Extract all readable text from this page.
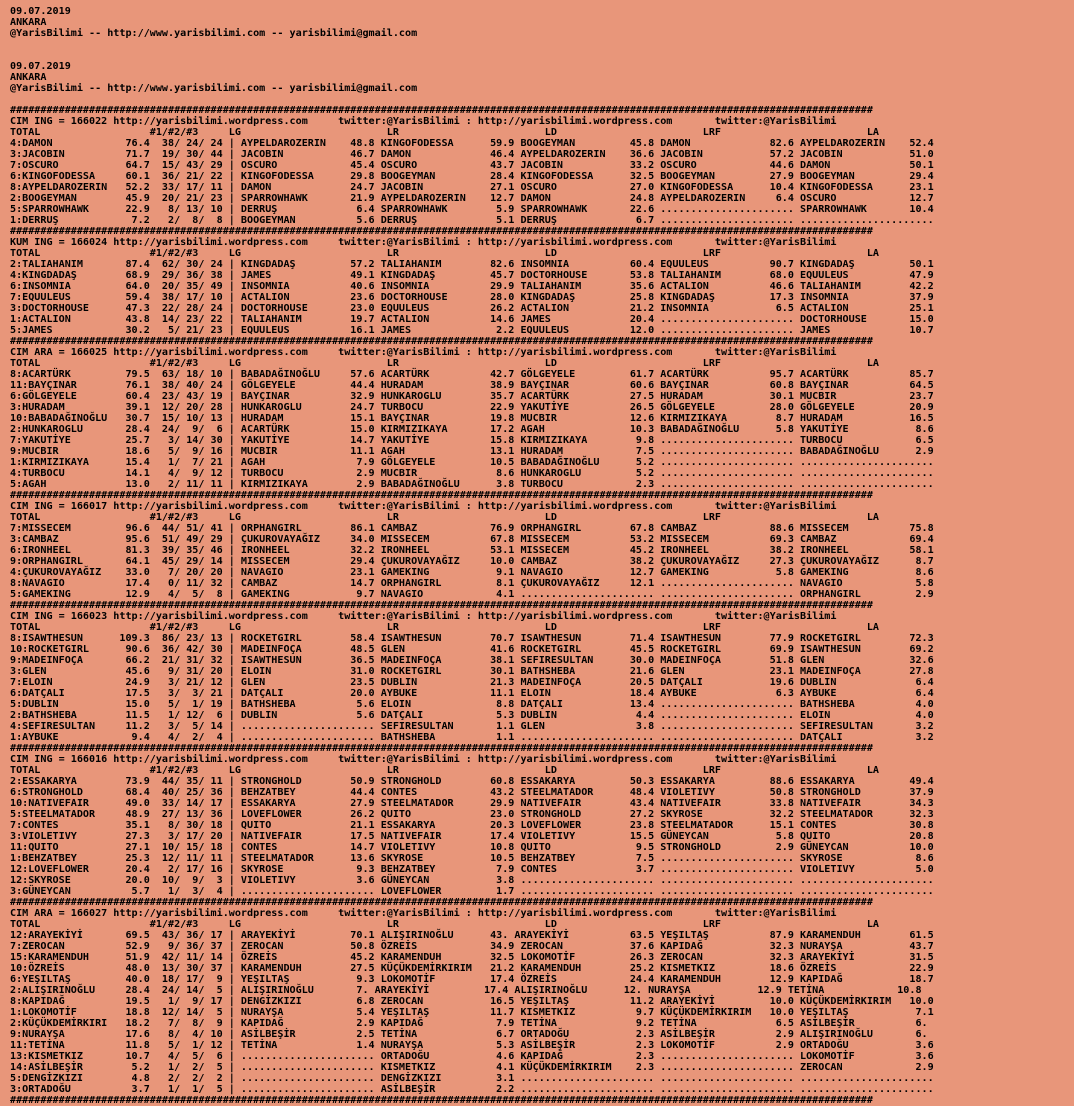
09.07.2019
ANKARA
@YarisBilimi -- http://www.yarisbilimi.com -- yarisbilimi@gmail.com

09.07.2019
ANKARA
@YarisBilimi -- http://www.yarisbilimi.com -- yarisbilimi@gmail.com

##############################################################################################################################################
CIM ING = 166022 http://yarisbilimi.wordpress.com     twitter:@YarisBilimi : http://yarisbilimi.wordpress.com       twitter:@YarisBilimi
TOTAL                  #1/#2/#3     LG                        LR                        LD                        LRF                        LA
4:DAMON            76.4  38/ 24/ 24 | AYPELDAROZERIN    48.8 KINGOFODESSA      59.9 BOOGEYMAN         45.8 DAMON             82.6 AYPELDAROZERIN    52.4
3:JACOBIN          71.7  19/ 30/ 44 | JACOBIN           46.7 DAMON             46.4 AYPELDAROZERIN    36.6 JACOBIN           57.2 JACOBIN           51.0
7:OSCURO           64.7  15/ 43/ 29 | OSCURO            45.4 OSCURO            43.7 JACOBIN           33.2 OSCURO            44.6 DAMON             50.1
6:KINGOFODESSA     60.1  36/ 21/ 22 | KINGOFODESSA      29.8 BOOGEYMAN         28.4 KINGOFODESSA      32.5 BOOGEYMAN         27.9 BOOGEYMAN         29.4
8:AYPELDAROZERIN   52.2  33/ 17/ 11 | DAMON             24.7 JACOBIN           27.1 OSCURO            27.0 KINGOFODESSA      10.4 KINGOFODESSA      23.1
2:BOOGEYMAN        45.9  20/ 21/ 23 | SPARROWHAWK       21.9 AYPELDAROZERIN    12.7 DAMON             24.8 AYPELDAROZERIN     6.4 OSCURO            12.7
5:SPARROWHAWK      22.9   8/ 13/ 10 | DERRUŞ             6.4 SPARROWHAWK        5.9 SPARROWHAWK       22.6 ...................... SPARROWHAWK       10.4
1:DERRUŞ            7.2   2/  8/  8 | BOOGEYMAN          5.6 DERRUŞ             5.1 DERRUŞ             6.7 ...................... ......................
##############################################################################################################################################
KUM ING = 166024 http://yarisbilimi.wordpress.com     twitter:@YarisBilimi : http://yarisbilimi.wordpress.com       twitter:@YarisBilimi
TOTAL                  #1/#2/#3     LG                        LR                        LD                        LRF                        LA
2:TALIAHANIM       87.4  62/ 30/ 24 | KINGDADAŞ         57.2 TALIAHANIM        82.6 INSOMNIA          60.4 EQUULEUS          90.7 KINGDADAŞ         50.1
4:KINGDADAŞ        68.9  29/ 36/ 38 | JAMES             49.1 KINGDADAŞ         45.7 DOCTORHOUSE       53.8 TALIAHANIM        68.0 EQUULEUS          47.9
6:INSOMNIA         64.0  20/ 35/ 49 | INSOMNIA          40.6 INSOMNIA          29.9 TALIAHANIM        35.6 ACTALION          46.6 TALIAHANIM        42.2
7:EQUULEUS         59.4  38/ 17/ 10 | ACTALION          23.6 DOCTORHOUSE       28.0 KINGDADAŞ         25.8 KINGDADAŞ         17.3 INSOMNIA          37.9
3:DOCTORHOUSE      47.3  22/ 28/ 24 | DOCTORHOUSE       23.0 EQUULEUS          26.2 ACTALION          21.2 INSOMNIA           6.5 ACTALION          25.1
1:ACTALION         43.8  14/ 23/ 22 | TALIAHANIM        19.7 ACTALION          14.6 JAMES             20.4 ...................... DOCTORHOUSE       15.0
5:JAMES            30.2   5/ 21/ 23 | EQUULEUS          16.1 JAMES              2.2 EQUULEUS          12.0 ...................... JAMES             10.7
##############################################################################################################################################
CIM ARA = 166025 http://yarisbilimi.wordpress.com     twitter:@YarisBilimi : http://yarisbilimi.wordpress.com       twitter:@YarisBilimi
TOTAL                  #1/#2/#3     LG                        LR                        LD                        LRF                        LA
8:ACARTÜRK         79.5  63/ 18/ 10 | BABADAĞINOĞLU     57.6 ACARTÜRK          42.7 GÖLGEYELE         61.7 ACARTÜRK          95.7 ACARTÜRK          85.7
11:BAYÇINAR        76.1  38/ 40/ 24 | GÖLGEYELE         44.4 HURADAM           38.9 BAYÇINAR          60.6 BAYÇINAR          60.8 BAYÇINAR          64.5
6:GÖLGEYELE        60.4  23/ 43/ 19 | BAYÇINAR          32.9 HUNKAROGLU        35.7 ACARTÜRK          27.5 HURADAM           30.1 MUCBIR            23.7
3:HURADAM          39.1  12/ 20/ 28 | HUNKAROGLU        24.7 TURBOCU           22.9 YAKUTİYE          26.5 GÖLGEYELE         28.0 GÖLGEYELE         20.9
10:BABADAĞINOĞLU   30.7  15/ 10/ 13 | HURADAM           15.1 BAYÇINAR          19.8 MUCBIR            12.6 KIRMIZIKAYA        8.7 HURADAM           16.5
2:HUNKAROGLU       28.4  24/  9/  6 | ACARTÜRK          15.0 KIRMIZIKAYA       17.2 AGAH              10.3 BABADAĞINOĞLU      5.8 YAKUTİYE           8.6
7:YAKUTİYE         25.7   3/ 14/ 30 | YAKUTİYE          14.7 YAKUTİYE          15.8 KIRMIZIKAYA        9.8 ...................... TURBOCU            6.5
9:MUCBIR           18.6   5/  9/ 16 | MUCBIR            11.1 AGAH              13.1 HURADAM            7.5 ...................... BABADAĞINOĞLU      2.9
1:KIRMIZIKAYA      15.4   1/  7/ 21 | AGAH               7.9 GÖLGEYELE         10.5 BABADAĞINOĞLU      5.2 ...................... ......................
4:TURBOCU          14.1   4/  9/ 12 | TURBOCU            2.9 MUCBIR             8.6 HUNKAROGLU         5.2 ...................... ......................
5:AGAH             13.0   2/ 11/ 11 | KIRMIZIKAYA        2.9 BABADAĞINOĞLU      3.8 TURBOCU            2.3 ...................... ......................
##############################################################################################################################################
CIM ING = 166017 http://yarisbilimi.wordpress.com     twitter:@YarisBilimi : http://yarisbilimi.wordpress.com       twitter:@YarisBilimi
TOTAL                  #1/#2/#3     LG                        LR                        LD                        LRF                        LA
7:MISSECEM         96.6  44/ 51/ 41 | ORPHANGIRL        86.1 CAMBAZ            76.9 ORPHANGIRL        67.8 CAMBAZ            88.6 MISSECEM          75.8
3:CAMBAZ           95.6  51/ 49/ 29 | ÇUKUROVAYAĞIZ     34.0 MISSECEM          67.8 MISSECEM          53.2 MISSECEM          69.3 CAMBAZ            69.4
6:IRONHEEL         81.3  39/ 35/ 46 | IRONHEEL          32.2 IRONHEEL          53.1 MISSECEM          45.2 IRONHEEL          38.2 IRONHEEL          58.1
9:ORPHANGIRL       64.1  45/ 29/ 14 | MISSECEM          29.4 ÇUKUROVAYAĞIZ     10.0 CAMBAZ            38.2 ÇUKUROVAYAĞIZ     27.3 ÇUKUROVAYAĞIZ      8.7
4:ÇUKUROVAYAĞIZ    33.0   7/ 20/ 20 | NAVAGIO           23.1 GAMEKING           9.1 NAVAGIO           12.7 GAMEKING           5.8 GAMEKING           8.6
8:NAVAGIO          17.4   0/ 11/ 32 | CAMBAZ            14.7 ORPHANGIRL         8.1 ÇUKUROVAYAĞIZ     12.1 ...................... NAVAGIO            5.8
5:GAMEKING         12.9   4/  5/  8 | GAMEKING           9.7 NAVAGIO            4.1 ...................... ...................... ORPHANGIRL         2.9
##############################################################################################################################################
CIM ING = 166023 http://yarisbilimi.wordpress.com     twitter:@YarisBilimi : http://yarisbilimi.wordpress.com       twitter:@YarisBilimi
TOTAL                  #1/#2/#3     LG                        LR                        LD                        LRF                        LA
8:ISAWTHESUN      109.3  86/ 23/ 13 | ROCKETGIRL        58.4 ISAWTHESUN        70.7 ISAWTHESUN        71.4 ISAWTHESUN        77.9 ROCKETGIRL        72.3
10:ROCKETGIRL      90.6  36/ 42/ 30 | MADEINFOÇA        48.5 GLEN              41.6 ROCKETGIRL        45.5 ROCKETGIRL        69.9 ISAWTHESUN        69.2
9:MADEINFOÇA       66.2  21/ 31/ 32 | ISAWTHESUN        36.5 MADEINFOÇA        38.1 SEFIRESULTAN      30.0 MADEINFOÇA        51.8 GLEN              32.6
3:GLEN             45.6   9/ 31/ 20 | ELOIN             31.0 ROCKETGIRL        30.1 BATHSHEBA         21.6 GLEN              23.1 MADEINFOÇA        27.8
7:ELOIN            24.9   3/ 21/ 12 | GLEN              23.5 DUBLIN            21.3 MADEINFOÇA        20.5 DATÇALI           19.6 DUBLIN             6.4
6:DATÇALI          17.5   3/  3/ 21 | DATÇALI           20.0 AYBUKE            11.1 ELOIN             18.4 AYBUKE             6.3 AYBUKE             6.4
5:DUBLIN           15.0   5/  1/ 19 | BATHSHEBA          5.6 ELOIN              8.8 DATÇALI           13.4 ...................... BATHSHEBA          4.0
2:BATHSHEBA        11.5   1/ 12/  6 | DUBLIN             5.6 DATÇALI            5.3 DUBLIN             4.4 ...................... ELOIN              4.0
4:SEFIRESULTAN     11.2   3/  5/ 14 | ...................... SEFIRESULTAN       1.1 GLEN               3.8 ...................... SEFIRESULTAN       3.2
1:AYBUKE            9.4   4/  2/  4 | ...................... BATHSHEBA          1.1 ...................... ...................... DATÇALI            3.2
##############################################################################################################################################
CIM ING = 166016 http://yarisbilimi.wordpress.com     twitter:@YarisBilimi : http://yarisbilimi.wordpress.com       twitter:@YarisBilimi
TOTAL                  #1/#2/#3     LG                        LR                        LD                        LRF                        LA
2:ESSAKARYA        73.9  44/ 35/ 11 | STRONGHOLD        50.9 STRONGHOLD        60.8 ESSAKARYA         50.3 ESSAKARYA         88.6 ESSAKARYA         49.4
6:STRONGHOLD       68.4  40/ 25/ 36 | BEHZATBEY         44.4 CONTES            43.2 STEELMATADOR      48.4 VIOLETIVY         50.8 STRONGHOLD        37.9
10:NATIVEFAIR      49.0  33/ 14/ 17 | ESSAKARYA         27.9 STEELMATADOR      29.9 NATIVEFAIR        43.4 NATIVEFAIR        33.8 NATIVEFAIR        34.3
5:STEELMATADOR     48.9  27/ 13/ 36 | LOVEFLOWER        26.2 QUITO             23.0 STRONGHOLD        27.2 SKYROSE           32.2 STEELMATADOR      32.3
7:CONTES           35.1   8/ 30/ 18 | QUITO             21.1 ESSAKARYA         20.3 LOVEFLOWER        23.8 STEELMATADOR      15.1 CONTES            30.8
3:VIOLETIVY        27.3   3/ 17/ 20 | NATIVEFAIR        17.5 NATIVEFAIR        17.4 VIOLETIVY         15.5 GÜNEYCAN           5.8 QUITO             20.8
11:QUITO           27.1  10/ 15/ 18 | CONTES            14.7 VIOLETIVY         10.8 QUITO              9.5 STRONGHOLD         2.9 GÜNEYCAN          10.0
1:BEHZATBEY        25.3  12/ 11/ 11 | STEELMATADOR      13.6 SKYROSE           10.5 BEHZATBEY          7.5 ...................... SKYROSE            8.6
12:LOVEFLOWER      20.4   2/ 17/ 16 | SKYROSE            9.3 BEHZATBEY          7.9 CONTES             3.7 ...................... VIOLETIVY          5.0
12:SKYROSE         20.0  10/  9/  3 | VIOLETIVY          3.6 GÜNEYCAN           3.8 ...................... ...................... ......................
3:GÜNEYCAN          5.7   1/  3/  4 | ...................... LOVEFLOWER         1.7 ...................... ...................... ......................
##############################################################################################################################################
CIM ARA = 166027 http://yarisbilimi.wordpress.com     twitter:@YarisBilimi : http://yarisbilimi.wordpress.com       twitter:@YarisBilimi
TOTAL                  #1/#2/#3     LG                        LR                        LD                        LRF                        LA
12:ARAYEKİYİ       69.5  43/ 36/ 17 | ARAYEKİYİ         70.1 ALIŞIRINOĞLU      43. ARAYEKİYİ          63.5 YEŞILTAŞ          87.9 KARAMENDUH        61.5
7:ZEROCAN          52.9   9/ 36/ 37 | ZEROCAN           50.8 ÖZREİS            34.9 ZEROCAN           37.6 KAPIDAĞ           32.3 NURAYŞA           43.7
15:KARAMENDUH      51.9  42/ 11/ 14 | ÖZREİS            45.2 KARAMENDUH        32.5 LOKOMOTİF         26.3 ZEROCAN           32.3 ARAYEKİYİ         31.5
10:ÖZREİS          48.0  13/ 30/ 37 | KARAMENDUH        27.5 KÜÇÜKDEMİRKIRIM   21.2 KARAMENDUH        25.2 KISMETKIZ         18.6 ÖZREİS            22.9
6:YEŞILTAŞ         40.0  18/ 17/  9 | YEŞILTAŞ           9.3 LOKOMOTİF         17.4 ÖZREİS            24.4 KARAMENDUH        12.9 KAPIDAĞ           18.7
2:ALIŞIRINOĞLU     28.4  24/ 14/  5 | ALIŞIRINOĞLU       7. ARAYEKİYİ         17.4 ALIŞIRINOĞLU      12. NURAYŞA           12.9 TETİNA            10.8
8:KAPIDAĞ          19.5   1/  9/ 17 | DENGİZKIZI         6.8 ZEROCAN           16.5 YEŞILTAŞ          11.2 ARAYEKİYİ         10.0 KÜÇÜKDEMİRKIRIM   10.0
1:LOKOMOTİF        18.8  12/ 14/  5 | NURAYŞA            5.4 YEŞILTAŞ          11.7 KISMETKIZ          9.7 KÜÇÜKDEMİRKIRIM   10.0 YEŞILTAŞ           7.1
2:KÜÇÜKDEMİRKIRI   18.2   7/  8/  9 | KAPIDAĞ            2.9 KAPIDAĞ            7.9 TETİNA             9.2 TETİNA             6.5 ASİLBEŞİR          6.
9:NURAYŞA          17.6   8/  4/ 10 | ASİLBEŞİR          2.5 TETİNA             6.7 ORTADOĞU           2.3 ASİLBEŞİR          2.9 ALIŞIRINOĞLU       6.
11:TETİNA          11.8   5/  1/ 12 | TETİNA             1.4 NURAYŞA            5.3 ASİLBEŞİR          2.3 LOKOMOTİF          2.9 ORTADOĞU           3.6
13:KISMETKIZ       10.7   4/  5/  6 | ...................... ORTADOĞU           4.6 KAPIDAĞ            2.3 ...................... LOKOMOTİF          3.6
14:ASİLBEŞİR        5.2   1/  2/  5 | ...................... KISMETKIZ          4.1 KÜÇÜKDEMİRKIRIM    2.3 ...................... ZEROCAN            2.9
5:DENGİZKIZI        4.8   2/  2/  2 | ...................... DENGİZKIZI         3.1 ...................... ...................... ......................
3:ORTADOĞU          3.7   1/  1/  5 | ...................... ASİLBEŞİR          2.2 ...................... ...................... ......................
##############################################################################################################################################
